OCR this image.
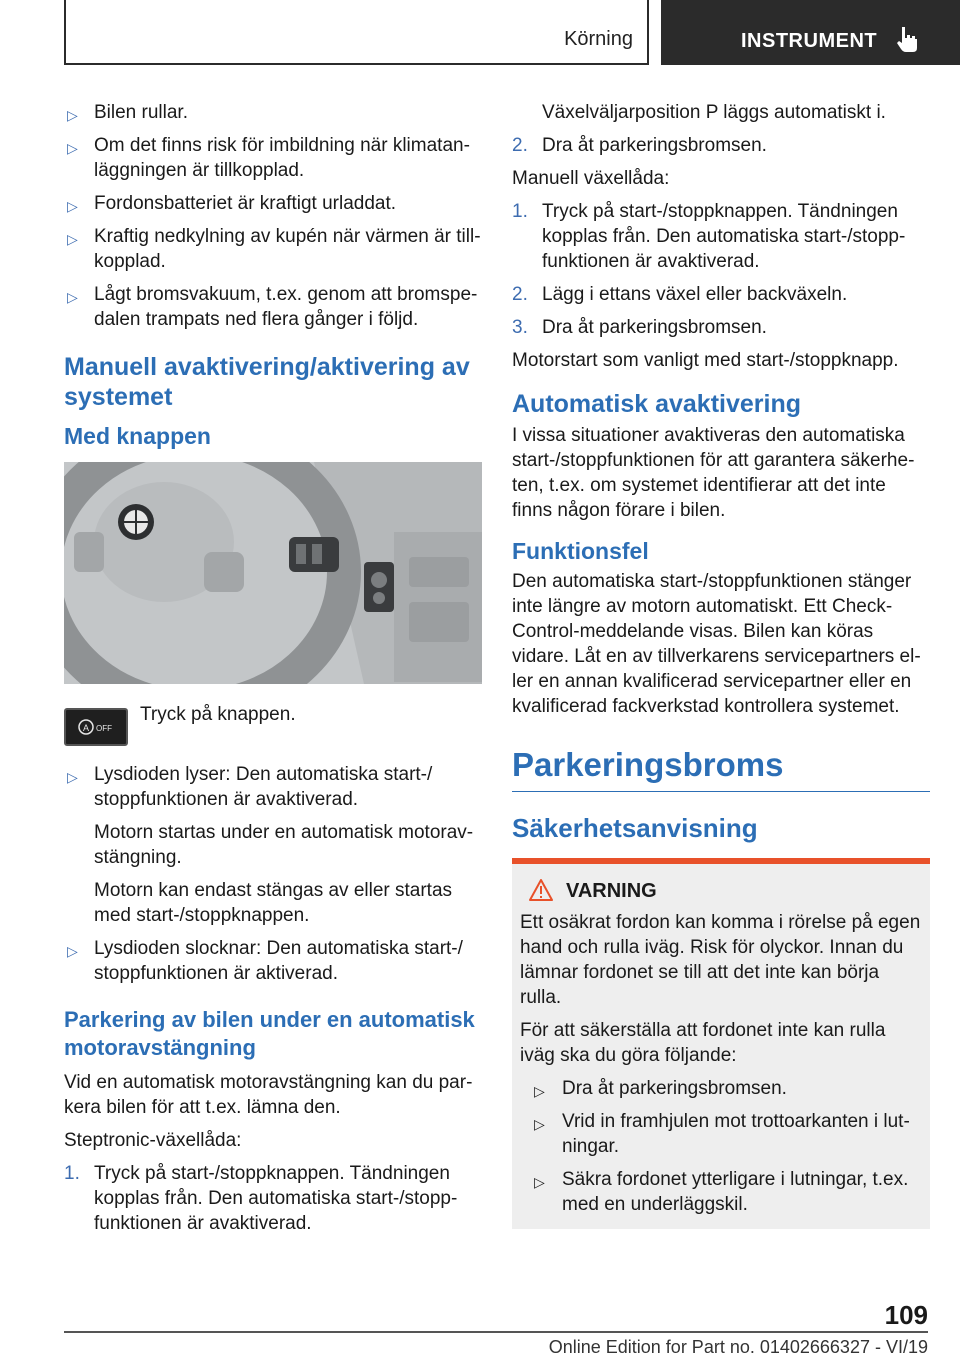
Körning	INSTRUMENT
▷ Bilen rullar.
▷ Om det finns risk för imbildning när klimatanläggningen är tillkopplad.
▷ Fordonsbatteriet är kraftigt urladdat.
▷ Kraftig nedkylning av kupén när värmen är tillkopplad.
▷ Lågt bromsvakuum, t.ex. genom att bromspedalen trampats ned flera gånger i följd.
Manuell avaktivering/aktivering av systemet
Med knappen
A OFF
Tryck på knappen.
▷ Lysdioden lyser: Den automatiska start-/ stoppfunktionen är avaktiverad.
Motorn startas under en automatisk motoravstängning.
Motorn kan endast stängas av eller startas med start-/stoppknappen.
▷ Lysdioden slocknar: Den automatiska start-/ stoppfunktionen är aktiverad.
Parkering av bilen under en automatisk motoravstängning
Vid en automatisk motoravstängning kan du parkera bilen för att t.ex. lämna den.
Steptronic-växellåda:
1. Tryck på start-/stoppknappen. Tändningen kopplas från. Den automatiska start-/stoppfunktionen är avaktiverad.
Växelväljarposition P läggs automatiskt i.
2. Dra åt parkeringsbromsen.
Manuell växellåda:
1. Tryck på start-/stoppknappen. Tändningen kopplas från. Den automatiska start-/stoppfunktionen är avaktiverad.
2. Lägg i ettans växel eller backväxeln.
3. Dra åt parkeringsbromsen.
Motorstart som vanligt med start-/stoppknapp.
Automatisk avaktivering
I vissa situationer avaktiveras den automatiska start-/stoppfunktionen för att garantera säkerheten, t.ex. om systemet identifierar att det inte finns någon förare i bilen.
Funktionsfel
Den automatiska start-/stoppfunktionen stänger inte längre av motorn automatiskt. Ett Check-Control-meddelande visas. Bilen kan köras vidare. Låt en av tillverkarens servicepartners eller en annan kvalificerad servicepartner eller en kvalificerad fackverkstad kontrollera systemet.
Parkeringsbroms
Säkerhetsanvisning
VARNING
Ett osäkrat fordon kan komma i rörelse på egen hand och rulla iväg. Risk för olyckor. Innan du lämnar fordonet se till att det inte kan börja rulla.
För att säkerställa att fordonet inte kan rulla iväg ska du göra följande:
▷ Dra åt parkeringsbromsen.
▷ Vrid in framhjulen mot trottoarkanten i lutningar.
▷ Säkra fordonet ytterligare i lutningar, t.ex. med en underläggskil.
109
Online Edition for Part no. 01402666327 - VI/19
